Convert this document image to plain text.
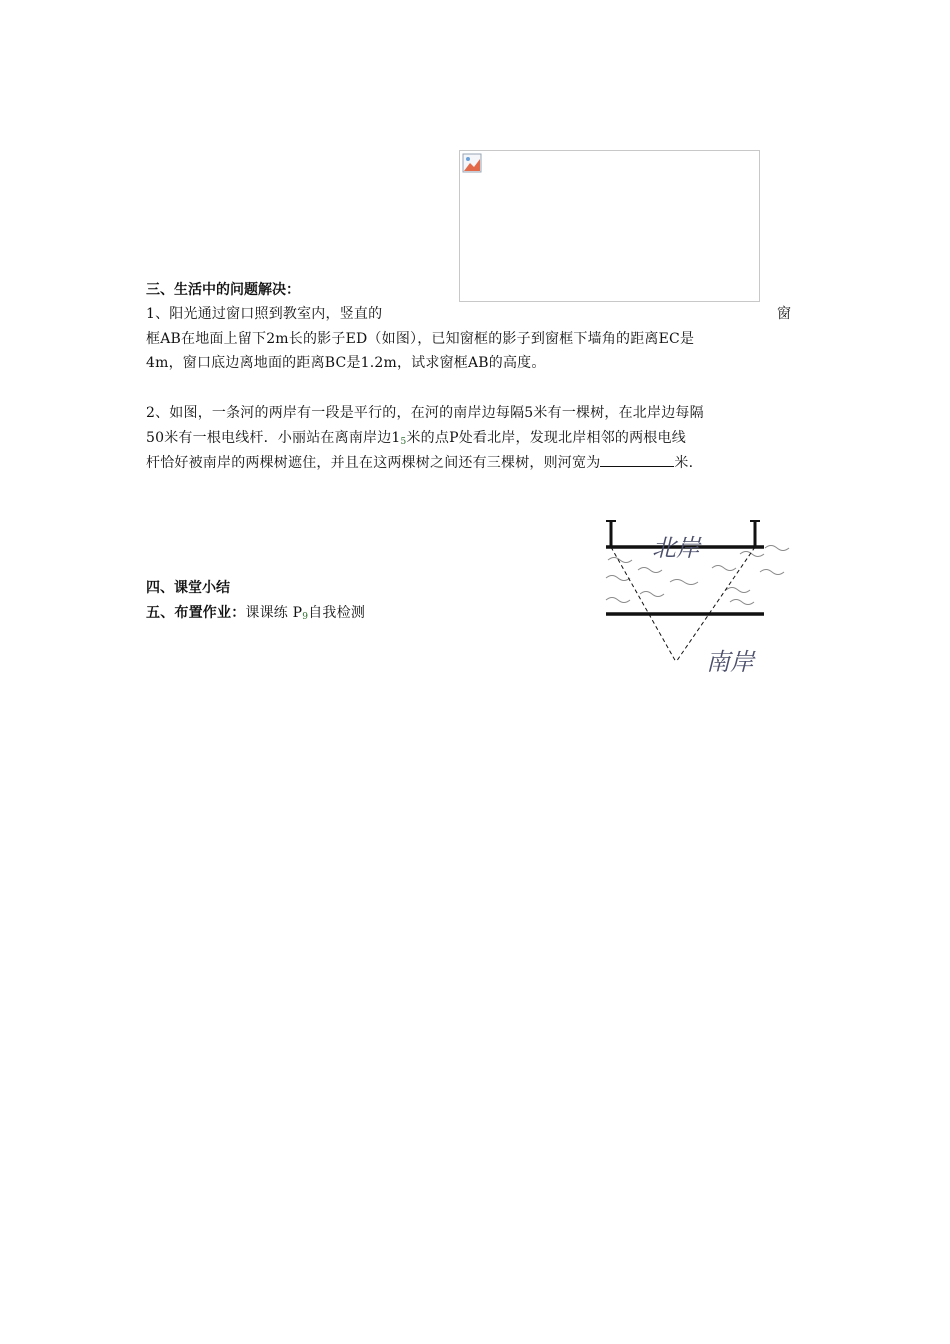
三、生活中的问题解决：
1、阳光通过窗口照到教室内，竖直的	窗
框AB在地面上留下2m长的影子ED（如图），已知窗框的影子到窗框下墙角的距离EC是
4m，窗口底边离地面的距离BC是1.2m，试求窗框AB的高度。
2、如图，一条河的两岸有一段是平行的，在河的南岸边每隔5米有一棵树，在北岸边每隔
50米有一根电线杆．小丽站在离南岸边$1_5$米的点P处看北岸，发现北岸相邻的两根电线
杆恰好被南岸的两棵树遮住，并且在这两棵树之间还有三棵树，则河宽为	米.
四、课堂小结
五、布置作业：课课练 $P_9$自我检测
北岸
南岸
